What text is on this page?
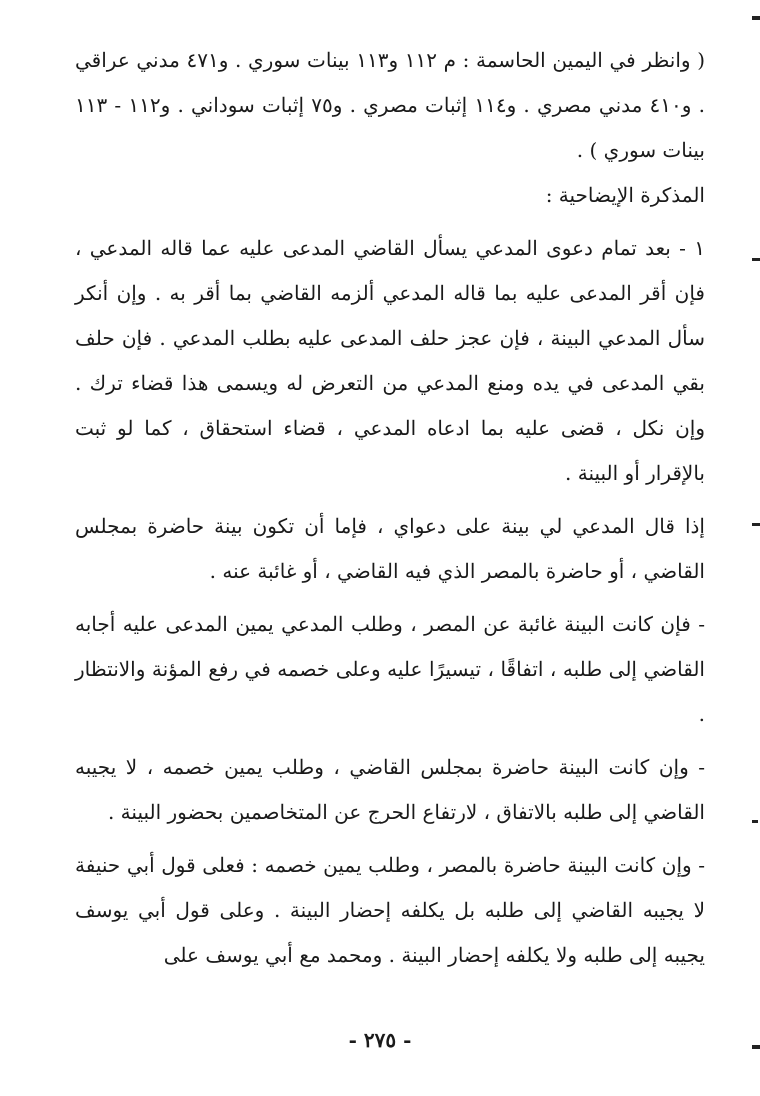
( وانظر في اليمين الحاسمة : م ١١٢ و١١٣ بينات سوري . و٤٧١ مدني عراقي . و٤١٠ مدني مصري . و١١٤ إثبات مصري . و٧٥ إثبات سوداني . و١١٢ - ١١٣ بينات سوري ) .

المذكرة الإيضاحية :

١ - بعد تمام دعوى المدعي يسأل القاضي المدعى عليه عما قاله المدعي ، فإن أقر المدعى عليه بما قاله المدعي ألزمه القاضي بما أقر به . وإن أنكر سأل المدعي البينة ، فإن عجز حلف المدعى عليه بطلب المدعي . فإن حلف بقي المدعى في يده ومنع المدعي من التعرض له ويسمى هذا قضاء ترك . وإن نكل ، قضى عليه بما ادعاه المدعي ، قضاء استحقاق ، كما لو ثبت بالإقرار أو البينة .

إذا قال المدعي لي بينة على دعواي ، فإما أن تكون بينة حاضرة بمجلس القاضي ، أو حاضرة بالمصر الذي فيه القاضي ، أو غائبة عنه .

- فإن كانت البينة غائبة عن المصر ، وطلب المدعي يمين المدعى عليه أجابه القاضي إلى طلبه ، اتفاقًا ، تيسيرًا عليه وعلى خصمه في رفع المؤنة والانتظار .

- وإن كانت البينة حاضرة بمجلس القاضي ، وطلب يمين خصمه ، لا يجيبه القاضي إلى طلبه بالاتفاق ، لارتفاع الحرج عن المتخاصمين بحضور البينة .

- وإن كانت البينة حاضرة بالمصر ، وطلب يمين خصمه : فعلى قول أبي حنيفة لا يجيبه القاضي إلى طلبه بل يكلفه إحضار البينة . وعلى قول أبي يوسف يجيبه إلى طلبه ولا يكلفه إحضار البينة . ومحمد مع أبي يوسف على

- ٢٧٥ -
